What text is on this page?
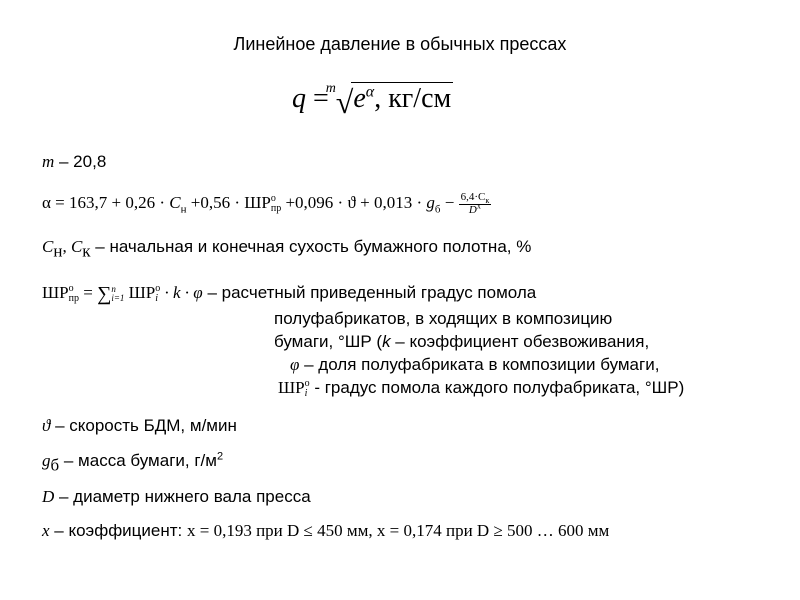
Линейное давление в обычных прессах
q = √
m $e^\alpha$, кг/см
m – 20,8
$\alpha = 163,7 + 0,26 \cdot C_н +0,56$ · ШР о
пр $+0,096 \cdot ϑ + 0,013 \cdot g_б - \frac{6,4\cdot C_к}{D^x}$
$C_н$, $C_к$ – начальная и конечная сухость бумажного полотна, %
ШР о
пр = ∑ n
i=1 ШР о
i · k · φ – расчетный приведенный градус помола
полуфабрикатов, в ходящих в композицию
бумаги, °ШР (k – коэффициент обезвоживания,
φ – доля полуфабриката в композиции бумаги,
ШР о
i - градус помола каждого полуфабриката, °ШР)
ϑ – скорость БДМ, м/мин
$g_б$ – масса бумаги, $г/м^2$
D – диаметр нижнего вала пресса
x – коэффициент: x = 0,193 при D ≤ 450 мм, x = 0,174 при D ≥ 500 … 600 мм
